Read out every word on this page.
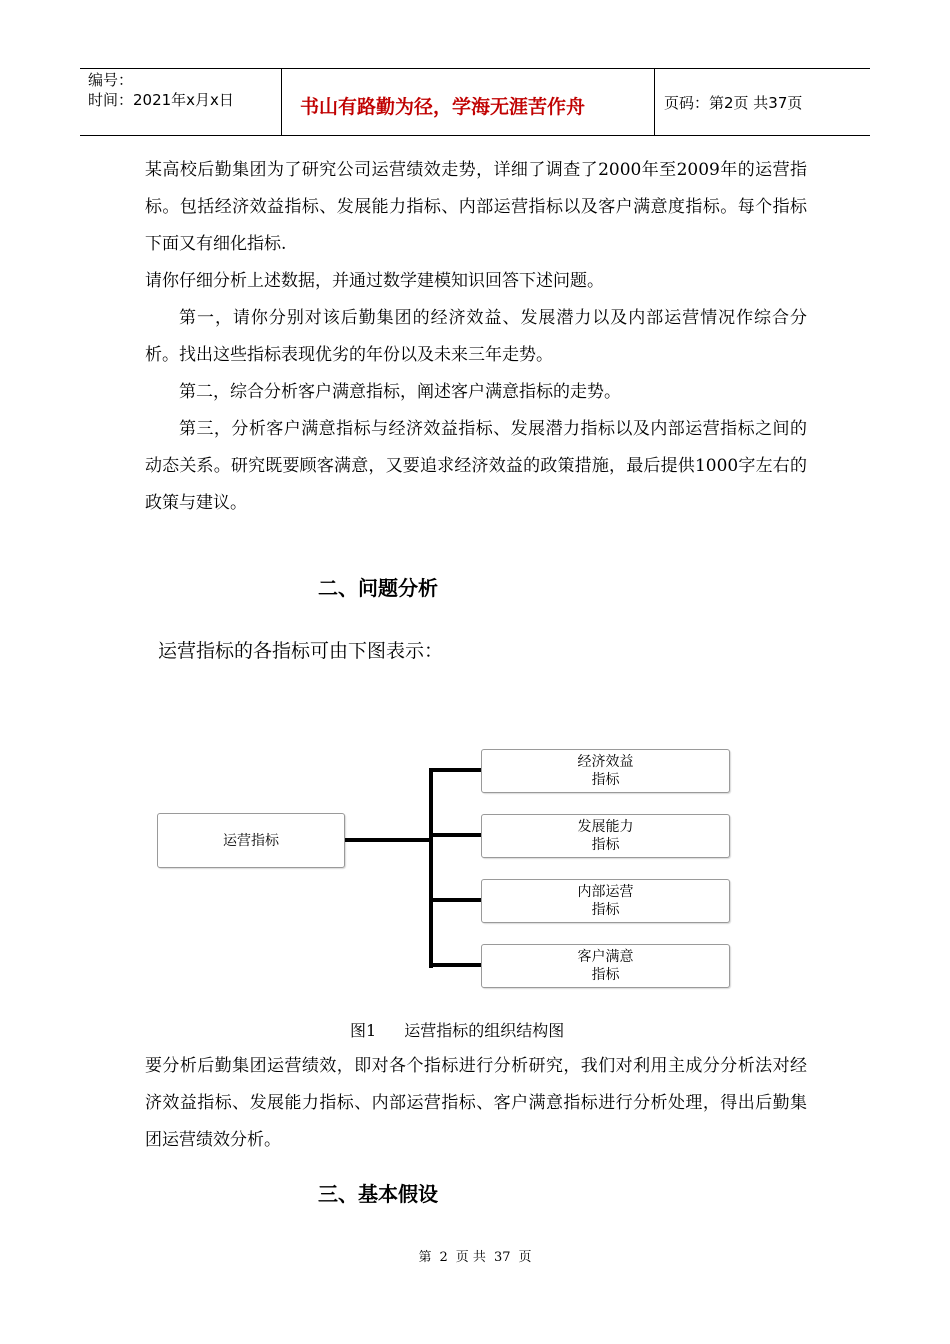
编号：
时间：2021年x月x日	书山有路勤为径，学海无涯苦作舟	页码：第2页 共37页

某高校后勤集团为了研究公司运营绩效走势，详细了调查了2000年至2009年的运营指标。包括经济效益指标、发展能力指标、内部运营指标以及客户满意度指标。每个指标下面又有细化指标.

请你仔细分析上述数据，并通过数学建模知识回答下述问题。

第一，请你分别对该后勤集团的经济效益、发展潜力以及内部运营情况作综合分析。找出这些指标表现优劣的年份以及未来三年走势。

第二，综合分析客户满意指标，阐述客户满意指标的走势。

第三，分析客户满意指标与经济效益指标、发展潜力指标以及内部运营指标之间的动态关系。研究既要顾客满意，又要追求经济效益的政策措施，最后提供1000字左右的政策与建议。

二、问题分析
运营指标的各指标可由下图表示：
运营指标
经济效益
指标
发展能力
指标
内部运营
指标
客户满意
指标
图1 运营指标的组织结构图

要分析后勤集团运营绩效，即对各个指标进行分析研究，我们对利用主成分分析法对经济效益指标、发展能力指标、内部运营指标、客户满意指标进行分析处理，得出后勤集团运营绩效分析。

三、基本假设
第 2 页 共 37 页
